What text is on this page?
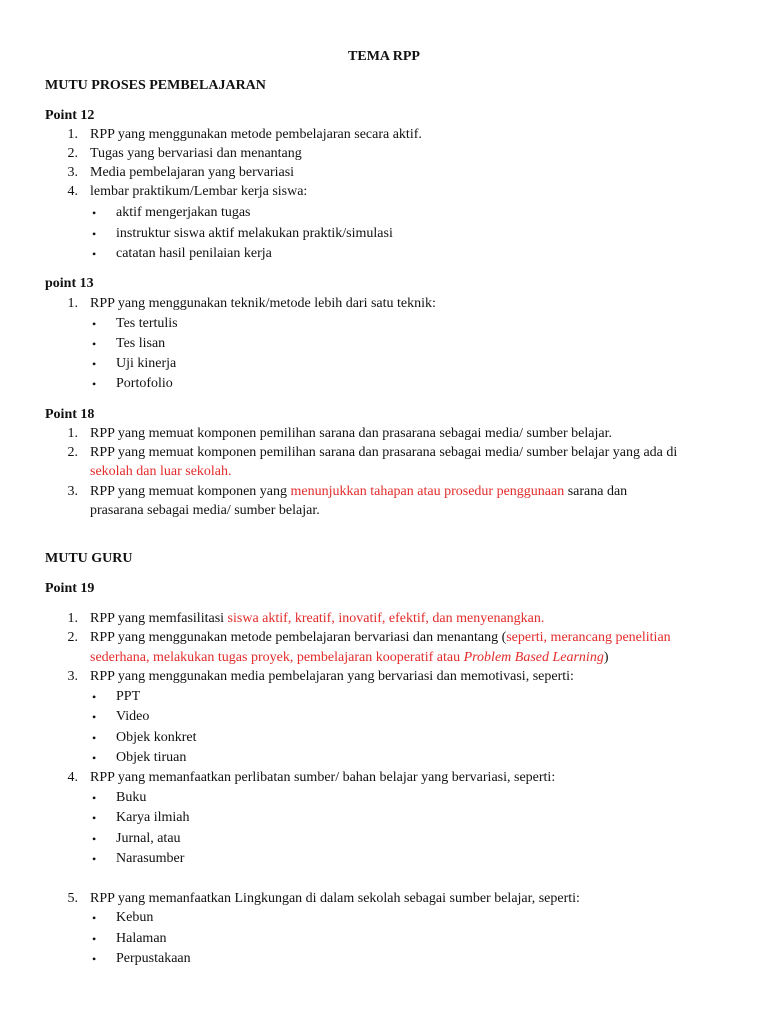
TEMA RPP
MUTU PROSES PEMBELAJARAN
Point 12
1. RPP yang menggunakan metode pembelajaran secara aktif.
2. Tugas yang bervariasi dan menantang
3. Media pembelajaran yang bervariasi
4. lembar praktikum/Lembar kerja siswa:
• aktif mengerjakan tugas
• instruktur siswa aktif melakukan praktik/simulasi
• catatan hasil penilaian kerja
point 13
1. RPP yang menggunakan teknik/metode lebih dari satu teknik:
• Tes tertulis
• Tes lisan
• Uji kinerja
• Portofolio
Point 18
1. RPP yang memuat komponen pemilihan sarana dan prasarana sebagai media/ sumber belajar.
2. RPP yang memuat komponen pemilihan sarana dan prasarana sebagai media/ sumber belajar yang ada di
sekolah dan luar sekolah.
3. RPP yang memuat komponen yang menunjukkan tahapan atau prosedur penggunaan sarana dan
prasarana sebagai media/ sumber belajar.
MUTU GURU
Point 19
1. RPP yang memfasilitasi siswa aktif, kreatif, inovatif, efektif, dan menyenangkan.
2. RPP yang menggunakan metode pembelajaran bervariasi dan menantang (seperti, merancang penelitian
sederhana, melakukan tugas proyek, pembelajaran kooperatif atau Problem Based Learning)
3. RPP yang menggunakan media pembelajaran yang bervariasi dan memotivasi, seperti:
• PPT
• Video
• Objek konkret
• Objek tiruan
4. RPP yang memanfaatkan perlibatan sumber/ bahan belajar yang bervariasi, seperti:
• Buku
• Karya ilmiah
• Jurnal, atau
• Narasumber
5. RPP yang memanfaatkan Lingkungan di dalam sekolah sebagai sumber belajar, seperti:
• Kebun
• Halaman
• Perpustakaan
